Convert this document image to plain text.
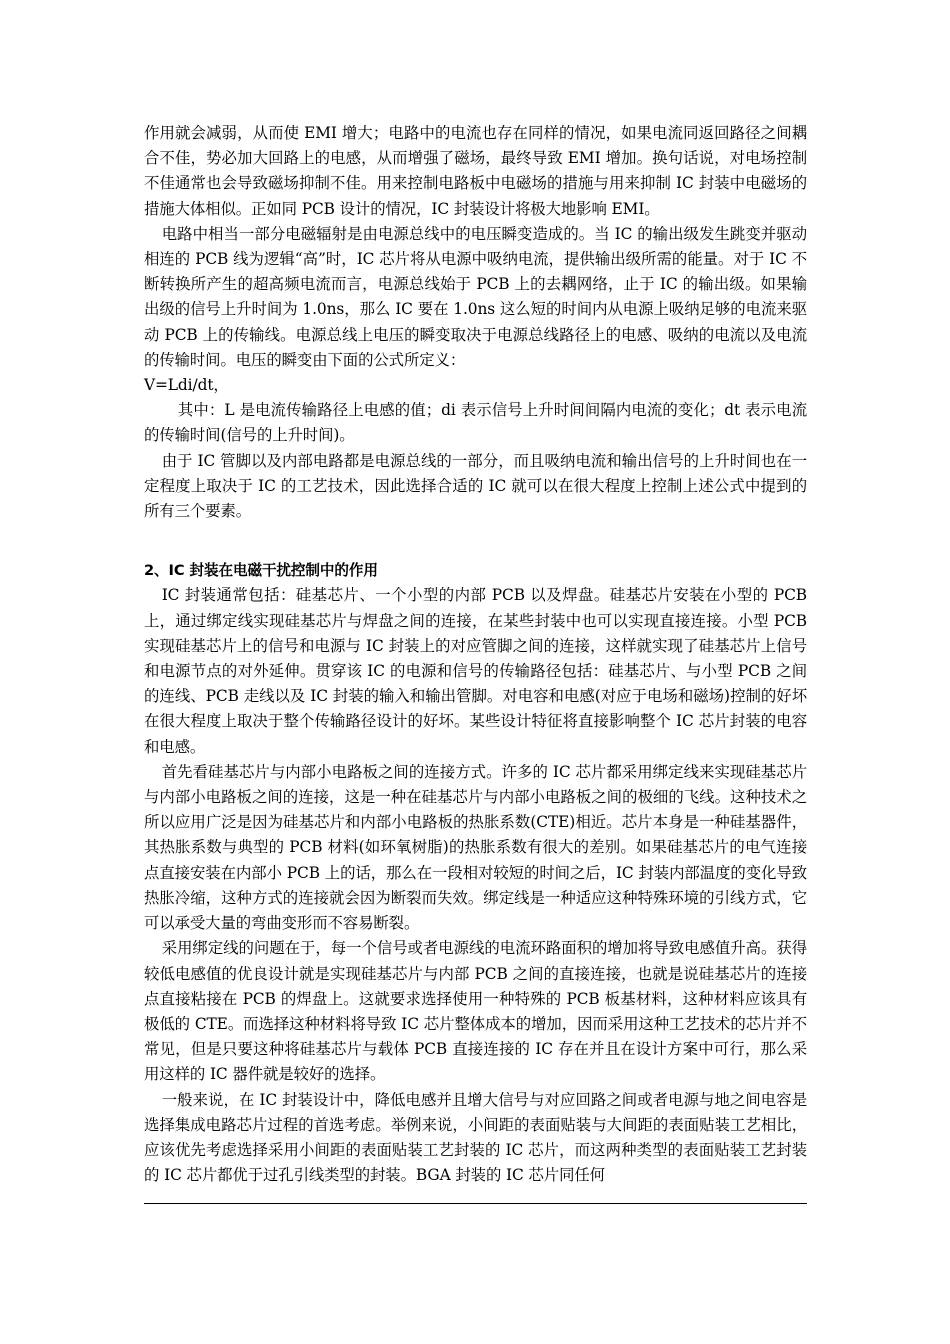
作用就会减弱，从而使 EMI 增大；电路中的电流也存在同样的情况，如果电流同返回路径之间耦合不佳，势必加大回路上的电感，从而增强了磁场，最终导致 EMI 增加。换句话说，对电场控制不佳通常也会导致磁场抑制不佳。用来控制电路板中电磁场的措施与用来抑制 IC 封装中电磁场的措施大体相似。正如同 PCB 设计的情况，IC 封装设计将极大地影响 EMI。

电路中相当一部分电磁辐射是由电源总线中的电压瞬变造成的。当 IC 的输出级发生跳变并驱动相连的 PCB 线为逻辑“高”时，IC 芯片将从电源中吸纳电流，提供输出级所需的能量。对于 IC 不断转换所产生的超高频电流而言，电源总线始于 PCB 上的去耦网络，止于 IC 的输出级。如果输出级的信号上升时间为 1.0ns，那么 IC 要在 1.0ns 这么短的时间内从电源上吸纳足够的电流来驱动 PCB 上的传输线。电源总线上电压的瞬变取决于电源总线路径上的电感、吸纳的电流以及电流的传输时间。电压的瞬变由下面的公式所定义：

V=Ldi/dt，

其中：L 是电流传输路径上电感的值；di 表示信号上升时间间隔内电流的变化；dt 表示电流的传输时间(信号的上升时间)。

由于 IC 管脚以及内部电路都是电源总线的一部分，而且吸纳电流和输出信号的上升时间也在一定程度上取决于 IC 的工艺技术，因此选择合适的 IC 就可以在很大程度上控制上述公式中提到的所有三个要素。

2、IC 封装在电磁干扰控制中的作用

IC 封装通常包括：硅基芯片、一个小型的内部 PCB 以及焊盘。硅基芯片安装在小型的 PCB 上，通过绑定线实现硅基芯片与焊盘之间的连接，在某些封装中也可以实现直接连接。小型 PCB 实现硅基芯片上的信号和电源与 IC 封装上的对应管脚之间的连接，这样就实现了硅基芯片上信号和电源节点的对外延伸。贯穿该 IC 的电源和信号的传输路径包括：硅基芯片、与小型 PCB 之间的连线、PCB 走线以及 IC 封装的输入和输出管脚。对电容和电感(对应于电场和磁场)控制的好坏在很大程度上取决于整个传输路径设计的好坏。某些设计特征将直接影响整个 IC 芯片封装的电容和电感。

首先看硅基芯片与内部小电路板之间的连接方式。许多的 IC 芯片都采用绑定线来实现硅基芯片与内部小电路板之间的连接，这是一种在硅基芯片与内部小电路板之间的极细的飞线。这种技术之所以应用广泛是因为硅基芯片和内部小电路板的热胀系数(CTE)相近。芯片本身是一种硅基器件，其热胀系数与典型的 PCB 材料(如环氧树脂)的热胀系数有很大的差别。如果硅基芯片的电气连接点直接安装在内部小 PCB 上的话，那么在一段相对较短的时间之后，IC 封装内部温度的变化导致热胀冷缩，这种方式的连接就会因为断裂而失效。绑定线是一种适应这种特殊环境的引线方式，它可以承受大量的弯曲变形而不容易断裂。

采用绑定线的问题在于，每一个信号或者电源线的电流环路面积的增加将导致电感值升高。获得较低电感值的优良设计就是实现硅基芯片与内部 PCB 之间的直接连接，也就是说硅基芯片的连接点直接粘接在 PCB 的焊盘上。这就要求选择使用一种特殊的 PCB 板基材料，这种材料应该具有极低的 CTE。而选择这种材料将导致 IC 芯片整体成本的增加，因而采用这种工艺技术的芯片并不常见，但是只要这种将硅基芯片与载体 PCB 直接连接的 IC 存在并且在设计方案中可行，那么采用这样的 IC 器件就是较好的选择。

一般来说，在 IC 封装设计中，降低电感并且增大信号与对应回路之间或者电源与地之间电容是选择集成电路芯片过程的首选考虑。举例来说，小间距的表面贴装与大间距的表面贴装工艺相比，应该优先考虑选择采用小间距的表面贴装工艺封装的 IC 芯片，而这两种类型的表面贴装工艺封装的 IC 芯片都优于过孔引线类型的封装。BGA 封装的 IC 芯片同任何
